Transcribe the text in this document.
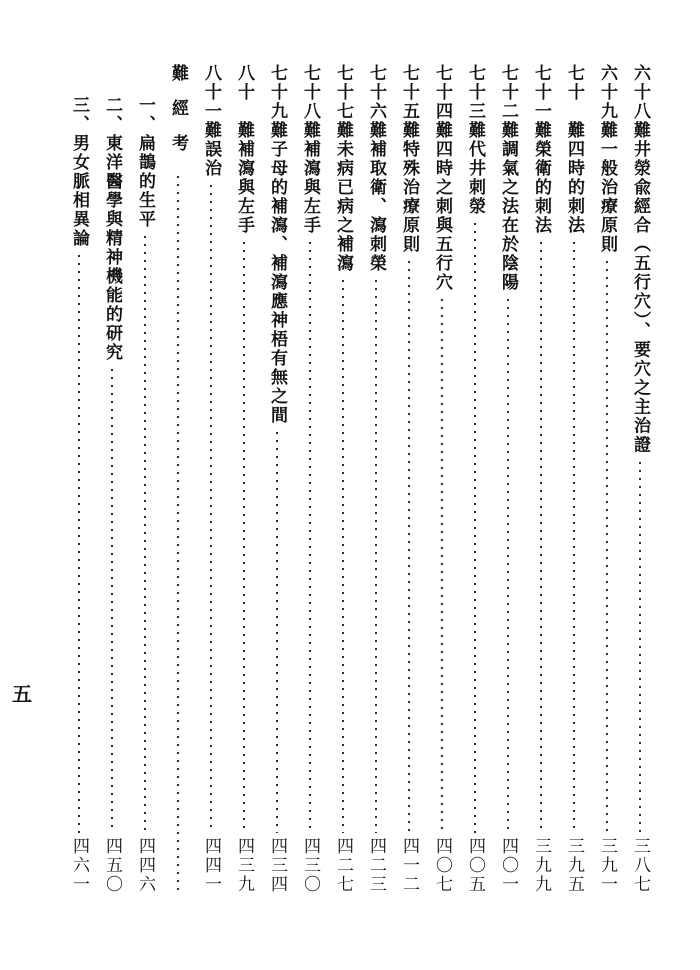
六十八難
井滎兪經合（五行穴）、要穴之主治證
三八七
六十九難
一般治療原則
三九一
七十　難
四時的刺法
三九五
七十一難
榮衛的刺法
三九九
七十二難
調氣之法在於陰陽
四〇一
七十三難
代井刺滎
四〇五
七十四難
四時之刺與五行穴
四〇七
七十五難
特殊治療原則
四一二
七十六難
補取衛、瀉刺榮
四二三
七十七難
未病已病之補瀉
四二七
七十八難
補瀉與左手
四三〇
七十九難
子母的補瀉、補瀉應神梧有無之間
四三四
八十　難
補瀉與左手
四三九
八十一難
誤治
四四一
難經考
一、扁鵲的生平
四四六
二、東洋醫學與精神機能的研究
四五〇
三、男女脈相異論
四六一
五
